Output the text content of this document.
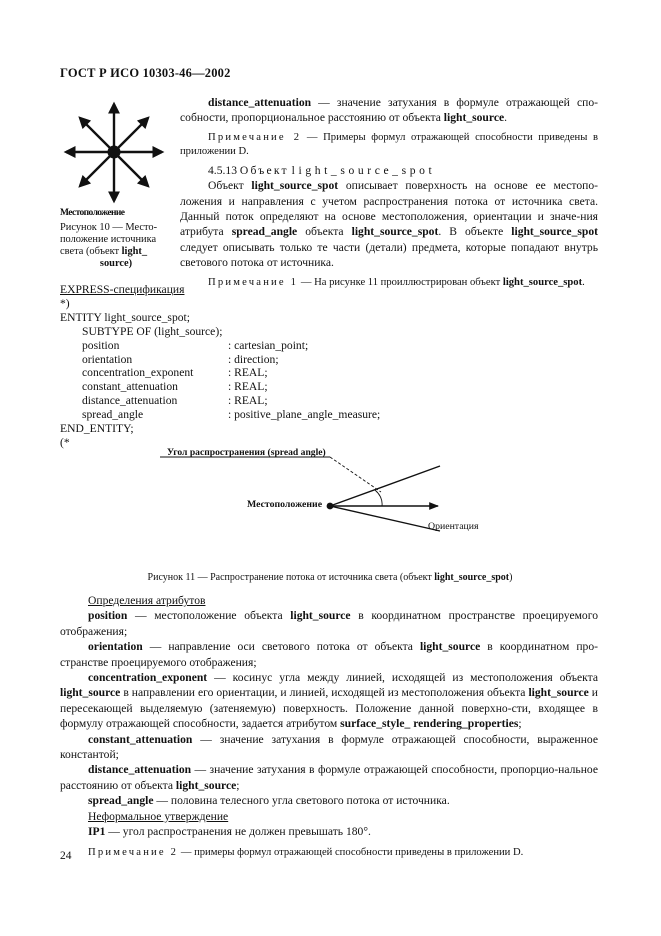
ГОСТ Р ИСО 10303-46—2002
Местоположение
Рисунок 10 — Место-
положение источника
света (объект light_
source)
distance_attenuation — значение затухания в формуле отражающей спо-собности, пропорциональное расстоянию от объекта light_source.
Примечание 2 — Примеры формул отражающей способности приведены в приложении D.
4.5.13 Объект light_source_spot
Объект light_source_spot описывает поверхность на основе ее местопо-ложения и направления с учетом распространения потока от источника света. Данный поток определяют на основе местоположения, ориентации и значе-ния атрибута spread_angle объекта light_source_spot. В объекте light_source_spot следует описывать только те части (детали) предмета, которые попадают внутрь светового потока от источника.
Примечание 1 — На рисунке 11 проиллюстрирован объект light_source_spot.
EXPRESS-спецификация
*)
ENTITY light_source_spot;
SUBTYPE OF (light_source);
position	: cartesian_point;
orientation	: direction;
concentration_exponent	: REAL;
constant_attenuation	: REAL;
distance_attenuation	: REAL;
spread_angle	: positive_plane_angle_measure;
END_ENTITY;
(*
Угол распространения (spread angle)
Местоположение
Ориентация
Рисунок 11 — Распространение потока от источника света (объект light_source_spot)
Определения атрибутов
position — местоположение объекта light_source в координатном пространстве проецируемого отображения;
orientation — направление оси светового потока от объекта light_source в координатном про-странстве проецируемого отображения;
concentration_exponent — косинус угла между линией, исходящей из местоположения объекта light_source в направлении его ориентации, и линией, исходящей из местоположения объекта light_source и пересекающей выделяемую (затеняемую) поверхность. Положение данной поверхно-сти, входящее в формулу отражающей способности, задается атрибутом surface_style_ rendering_properties;
constant_attenuation — значение затухания в формуле отражающей способности, выраженное константой;
distance_attenuation — значение затухания в формуле отражающей способности, пропорцио-нальное расстоянию от объекта light_source;
spread_angle — половина телесного угла светового потока от источника.
Неформальное утверждение
IP1 — угол распространения не должен превышать 180°.
Примечание 2 — примеры формул отражающей способности приведены в приложении D.
24
